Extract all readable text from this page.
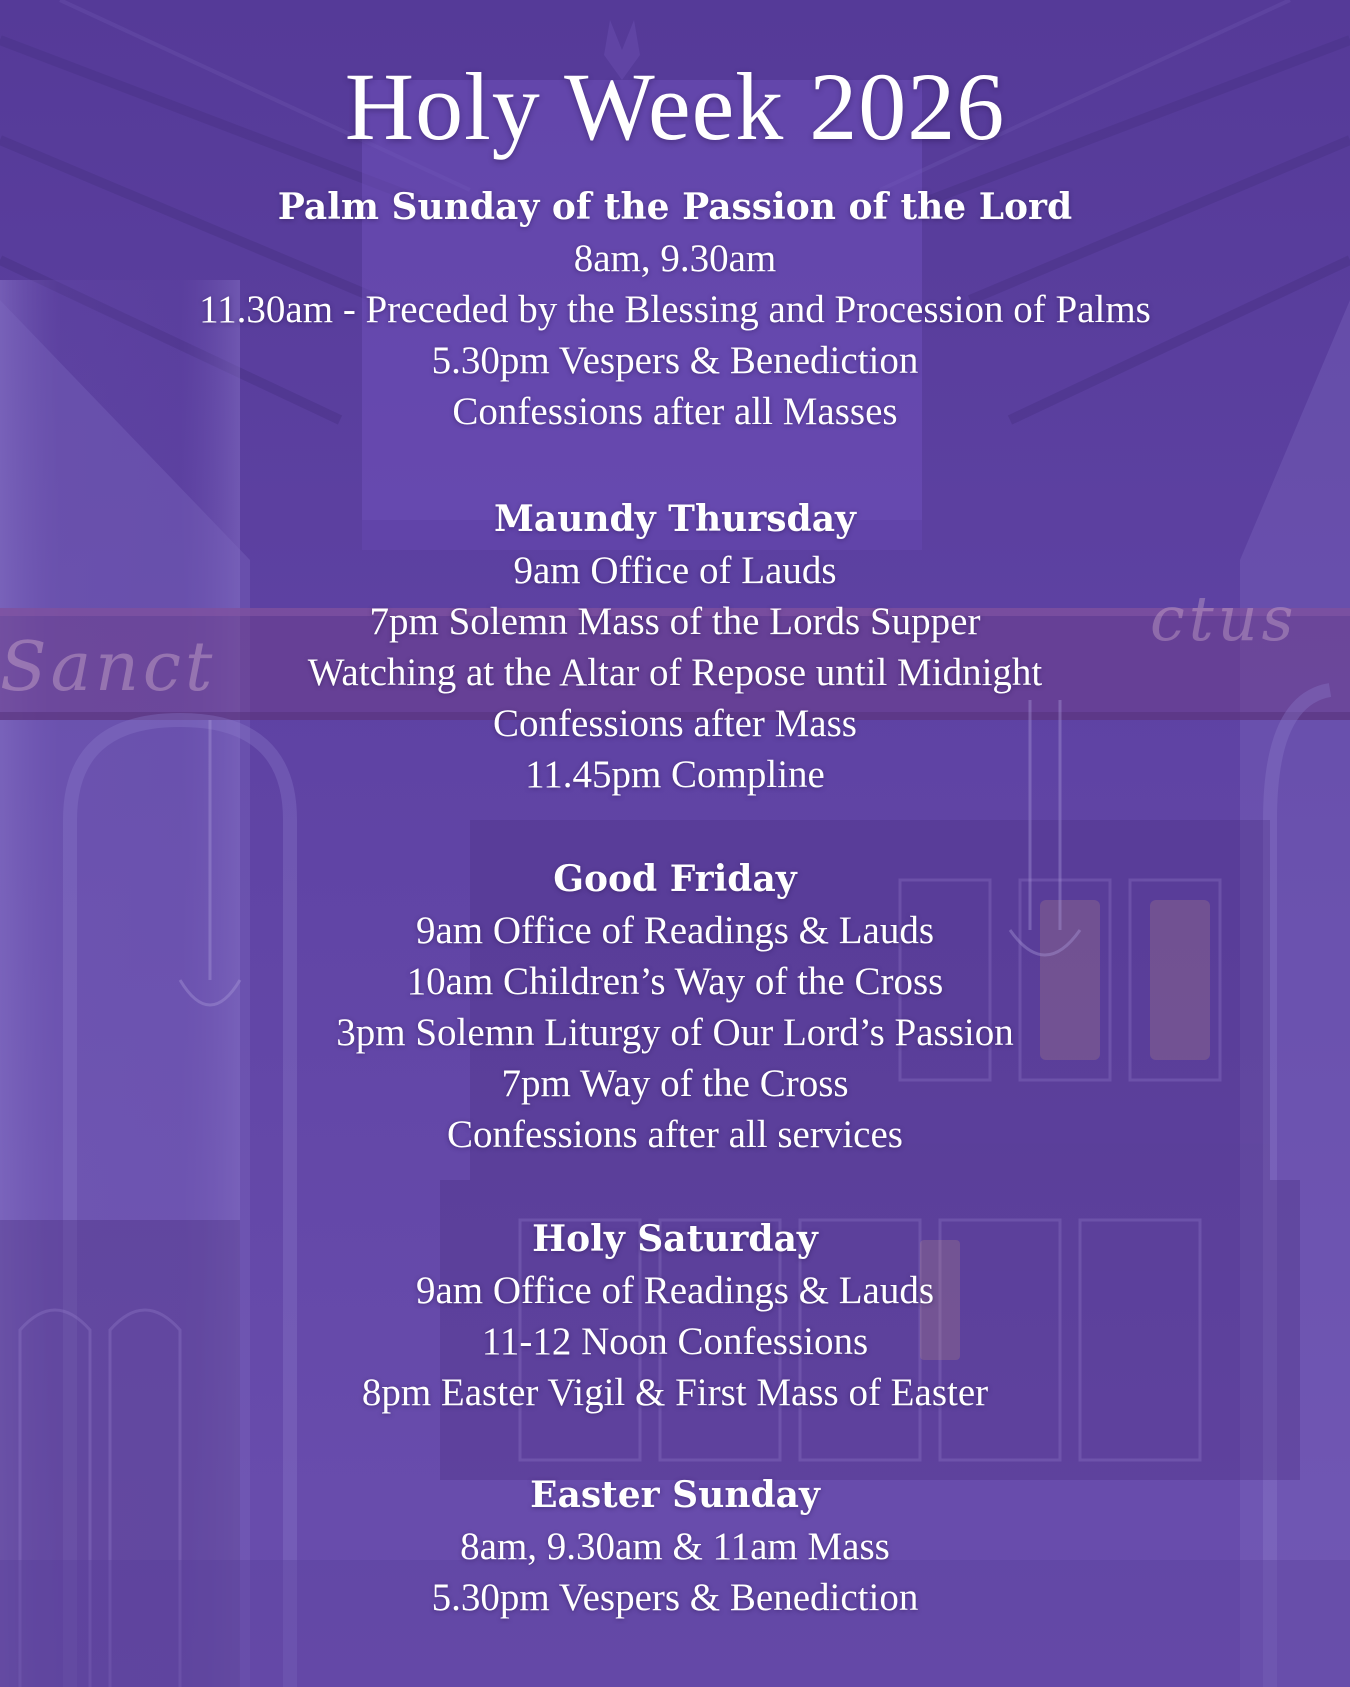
Sanct
ctus
Holy Week 2026
Palm Sunday of the Passion of the Lord
8am, 9.30am
11.30am - Preceded by the Blessing and Procession of Palms
5.30pm Vespers & Benediction
Confessions after all Masses
Maundy Thursday
9am Office of Lauds
7pm Solemn Mass of the Lords Supper
Watching at the Altar of Repose until Midnight
Confessions after Mass
11.45pm Compline
Good Friday
9am Office of Readings & Lauds
10am Children’s Way of the Cross
3pm Solemn Liturgy of Our Lord’s Passion
7pm Way of the Cross
Confessions after all services
Holy Saturday
9am Office of Readings & Lauds
11-12 Noon Confessions
8pm Easter Vigil & First Mass of Easter
Easter Sunday
8am, 9.30am & 11am Mass
5.30pm Vespers & Benediction
